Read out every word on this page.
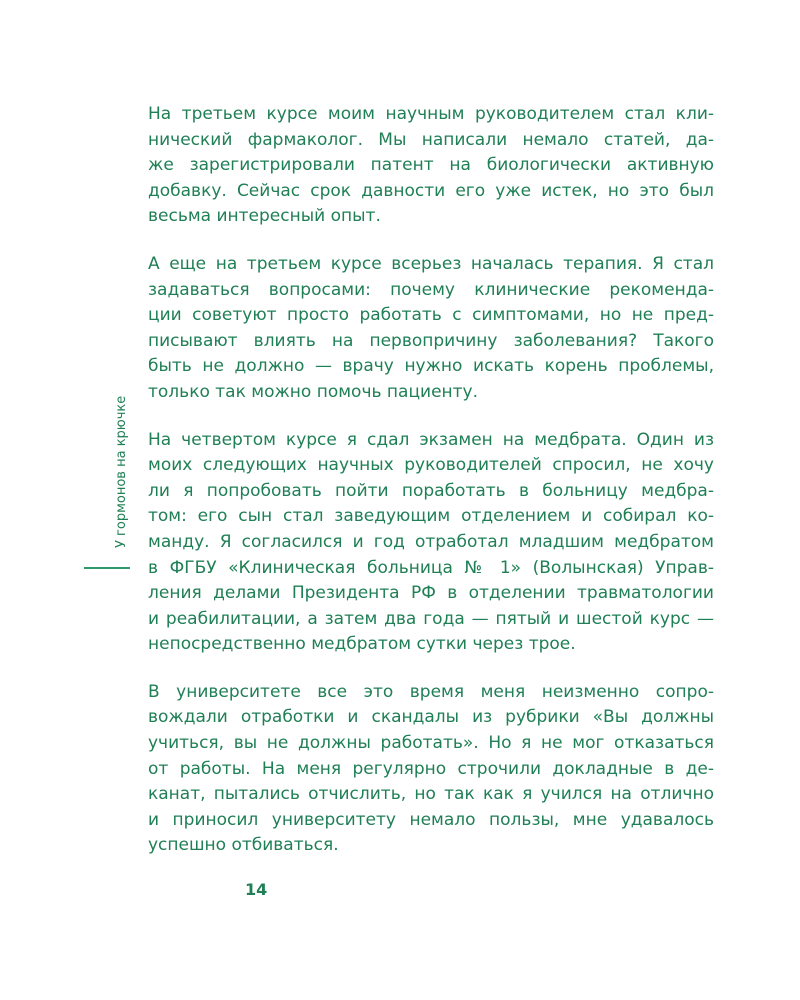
У гормонов на крючке

На третьем курсе моим научным руководителем стал кли-
нический фармаколог. Мы написали немало статей, да-
же зарегистрировали патент на биологически активную
добавку. Сейчас срок давности его уже истек, но это был
весьма интересный опыт.

А еще на третьем курсе всерьез началась терапия. Я стал
задаваться вопросами: почему клинические рекоменда-
ции советуют просто работать с симптомами, но не пред-
писывают влиять на первопричину заболевания? Такого
быть не должно — врачу нужно искать корень проблемы,
только так можно помочь пациенту.

На четвертом курсе я сдал экзамен на медбрата. Один из
моих следующих научных руководителей спросил, не хочу
ли я попробовать пойти поработать в больницу медбра-
том: его сын стал заведующим отделением и собирал ко-
манду. Я согласился и год отработал младшим медбратом
в ФГБУ «Клиническая больница № 1» (Волынская) Управ-
ления делами Президента РФ в отделении травматологии
и реабилитации, а затем два года — пятый и шестой курс —
непосредственно медбратом сутки через трое.

В университете все это время меня неизменно сопро-
вождали отработки и скандалы из рубрики «Вы должны
учиться, вы не должны работать». Но я не мог отказаться
от работы. На меня регулярно строчили докладные в де-
канат, пытались отчислить, но так как я учился на отлично
и приносил университету немало пользы, мне удавалось
успешно отбиваться.

14
